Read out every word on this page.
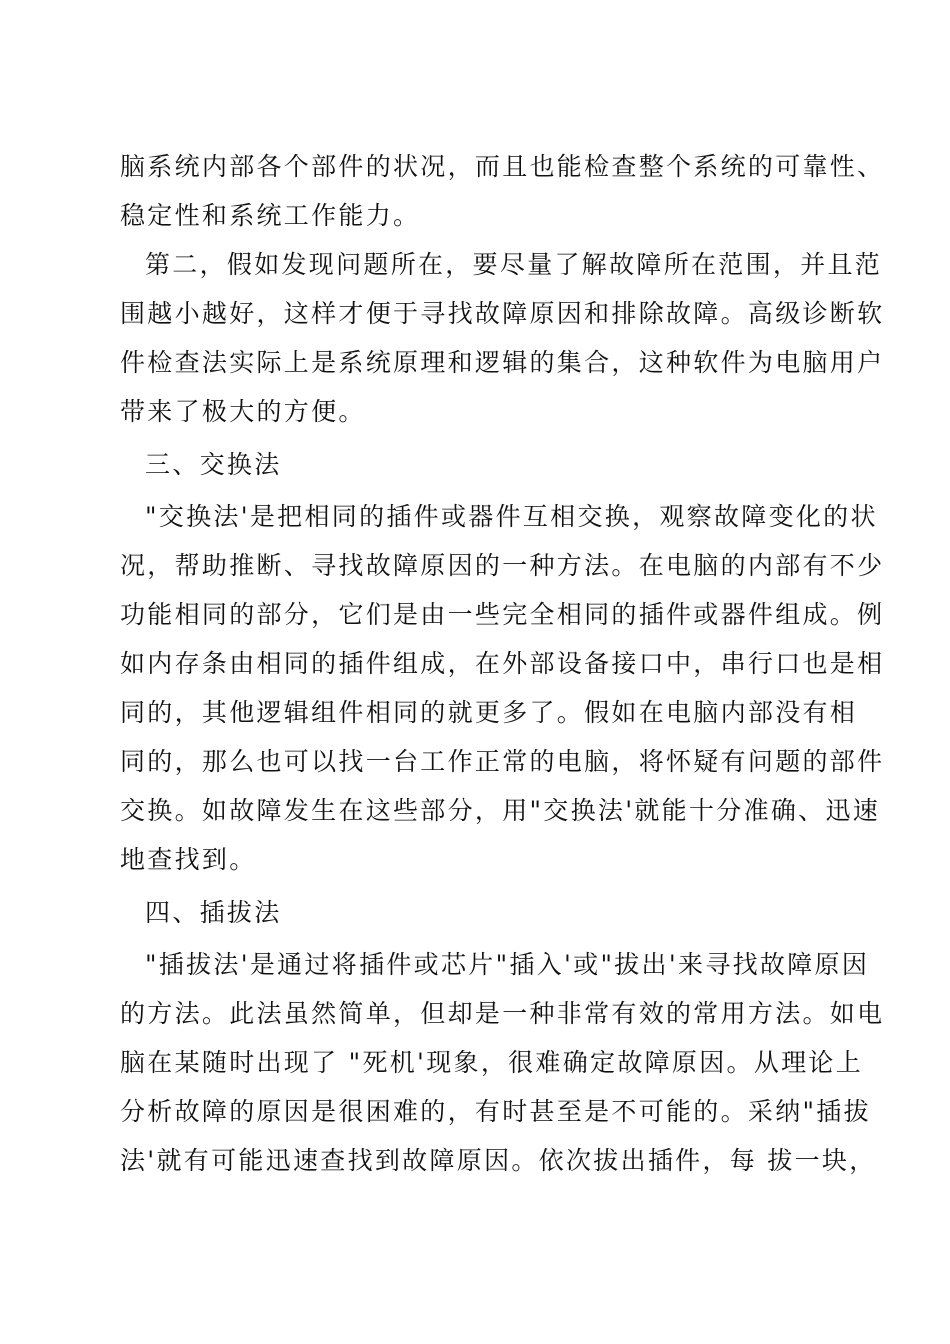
脑系统内部各个部件的状况，而且也能检查整个系统的可靠性、
稳定性和系统工作能力。
第二，假如发现问题所在，要尽量了解故障所在范围，并且范
围越小越好，这样才便于寻找故障原因和排除故障。高级诊断软
件检查法实际上是系统原理和逻辑的集合，这种软件为电脑用户
带来了极大的方便。
三、交换法
"交换法'是把相同的插件或器件互相交换，观察故障变化的状
况，帮助推断、寻找故障原因的一种方法。在电脑的内部有不少
功能相同的部分，它们是由一些完全相同的插件或器件组成。例
如内存条由相同的插件组成，在外部设备接口中，串行口也是相
同的，其他逻辑组件相同的就更多了。假如在电脑内部没有相
同的，那么也可以找一台工作正常的电脑，将怀疑有问题的部件
交换。如故障发生在这些部分，用"交换法'就能十分准确、迅速
地查找到。
四、插拔法
"插拔法'是通过将插件或芯片"插入'或"拔出'来寻找故障原因
的方法。此法虽然简单，但却是一种非常有效的常用方法。如电
脑在某随时出现了 "死机'现象，很难确定故障原因。从理论上
分析故障的原因是很困难的，有时甚至是不可能的。采纳"插拔
法'就有可能迅速查找到故障原因。依次拔出插件，每 拔一块，
